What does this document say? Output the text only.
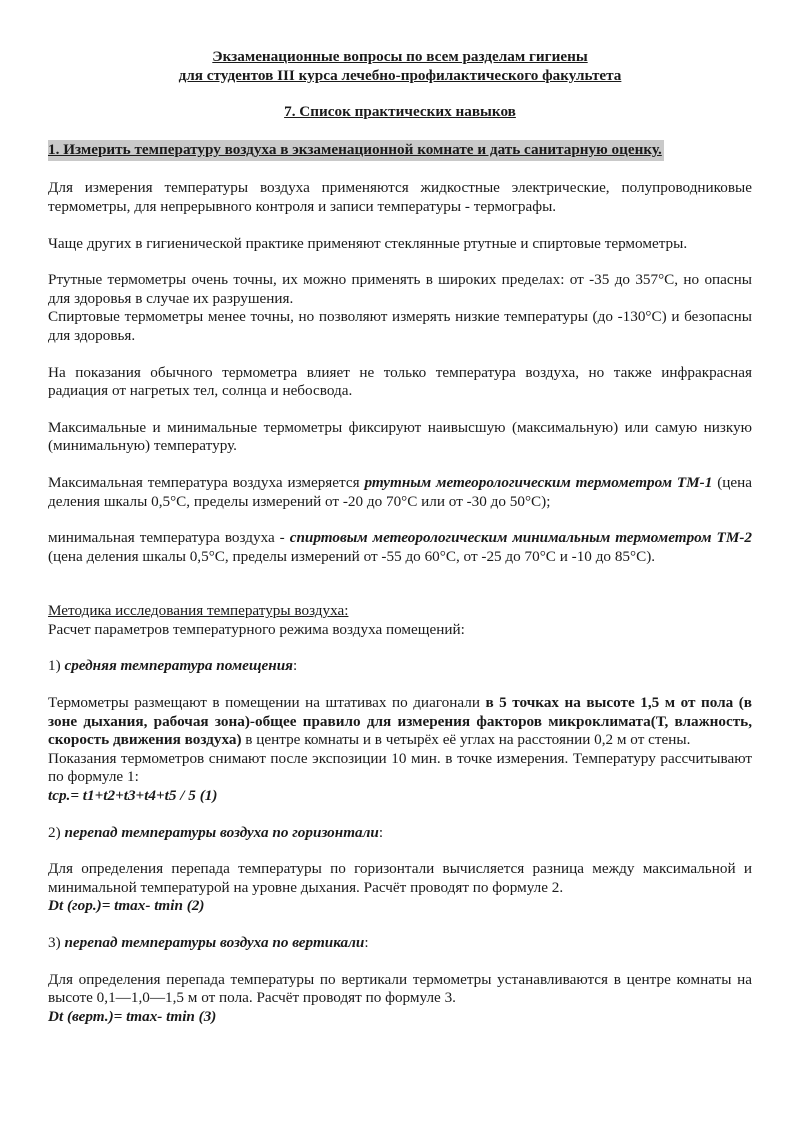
Экзаменационные вопросы по всем разделам гигиены

для студентов III курса лечебно-профилактического факультета

7. Список практических навыков

1. Измерить температуру воздуха в экзаменационной комнате и дать санитарную оценку.

Для измерения температуры воздуха применяются жидкостные электрические, полупроводниковые термометры, для непрерывного контроля и записи температуры - термографы.

Чаще других в гигиенической практике применяют стеклянные ртутные и спиртовые термометры.

Ртутные термометры очень точны, их можно применять в широких пределах: от -35 до 357°С, но опасны для здоровья в случае их разрушения.

Спиртовые термометры менее точны, но позволяют измерять низкие температуры (до -130°С) и безопасны для здоровья.

На показания обычного термометра влияет не только температура воздуха, но также инфракрасная радиация от нагретых тел, солнца и небосвода.

Максимальные и минимальные термометры фиксируют наивысшую (максимальную) или самую низкую (минимальную) температуру.

Максимальная температура воздуха измеряется ртутным метеорологическим термометром ТМ-1 (цена деления шкалы 0,5°С, пределы измерений от -20 до 70°С или от -30 до 50°С);

минимальная температура воздуха - спиртовым метеорологическим минимальным термометром ТМ-2 (цена деления шкалы 0,5°С, пределы измерений от -55 до 60°С, от -25 до 70°С и -10 до 85°С).

Методика исследования температуры воздуха:

Расчет параметров температурного режима воздуха помещений:

1) средняя температура помещения:

Термометры размещают в помещении на штативах по диагонали в 5 точках на высоте 1,5 м от пола (в зоне дыхания, рабочая зона)-общее правило для измерения факторов микроклимата(Т, влажность, скорость движения воздуха) в центре комнаты и в четырёх её углах на расстоянии 0,2 м от стены.

Показания термометров снимают после экспозиции 10 мин. в точке измерения. Температуру рассчитывают по формуле 1:

tср.= t1+t2+t3+t4+t5 / 5 (1)

2) перепад температуры воздуха по горизонтали:

Для определения перепада температуры по горизонтали вычисляется разница между максимальной и минимальной температурой на уровне дыхания. Расчёт проводят по формуле 2.

Dt (гор.)= tmax- tmin (2)

3) перепад температуры воздуха по вертикали:

Для определения перепада температуры по вертикали термометры устанавливаются в центре комнаты на высоте 0,1—1,0—1,5 м от пола. Расчёт проводят по формуле 3.

Dt (верт.)= tmax- tmin (3)
